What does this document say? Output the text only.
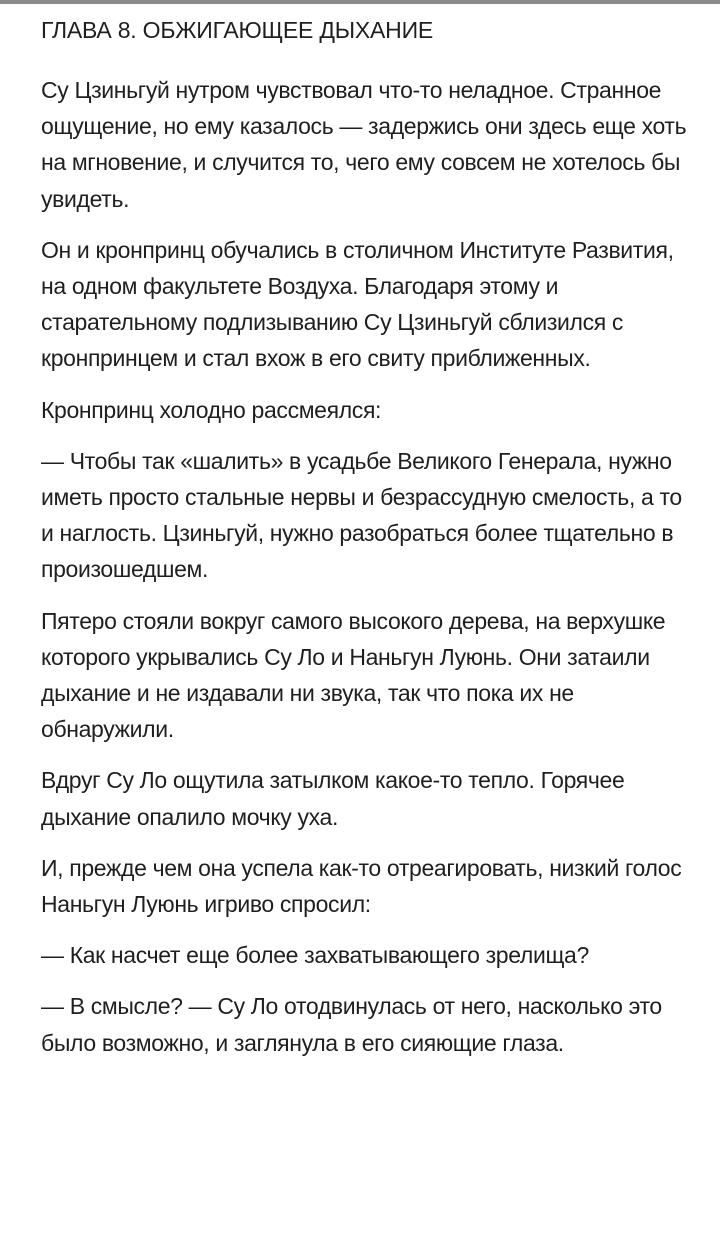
ГЛАВА 8. ОБЖИГАЮЩЕЕ ДЫХАНИЕ

Су Цзиньгуй нутром чувствовал что-то неладное. Странное ощущение, но ему казалось — задержись они здесь еще хоть на мгновение, и случится то, чего ему совсем не хотелось бы увидеть.

Он и кронпринц обучались в столичном Институте Развития, на одном факультете Воздуха. Благодаря этому и старательному подлизыванию Су Цзиньгуй сблизился с кронпринцем и стал вхож в его свиту приближенных.

Кронпринц холодно рассмеялся:

— Чтобы так «шалить» в усадьбе Великого Генерала, нужно иметь просто стальные нервы и безрассудную смелость, а то и наглость. Цзиньгуй, нужно разобраться более тщательно в произошедшем.

Пятеро стояли вокруг самого высокого дерева, на верхушке которого укрывались Су Ло и Наньгун Луюнь. Они затаили дыхание и не издавали ни звука, так что пока их не обнаружили.

Вдруг Су Ло ощутила затылком какое-то тепло. Горячее дыхание опалило мочку уха.

И, прежде чем она успела как-то отреагировать, низкий голос Наньгун Луюнь игриво спросил:

— Как насчет еще более захватывающего зрелища?

— В смысле? — Су Ло отодвинулась от него, насколько это было возможно, и заглянула в его сияющие глаза.
